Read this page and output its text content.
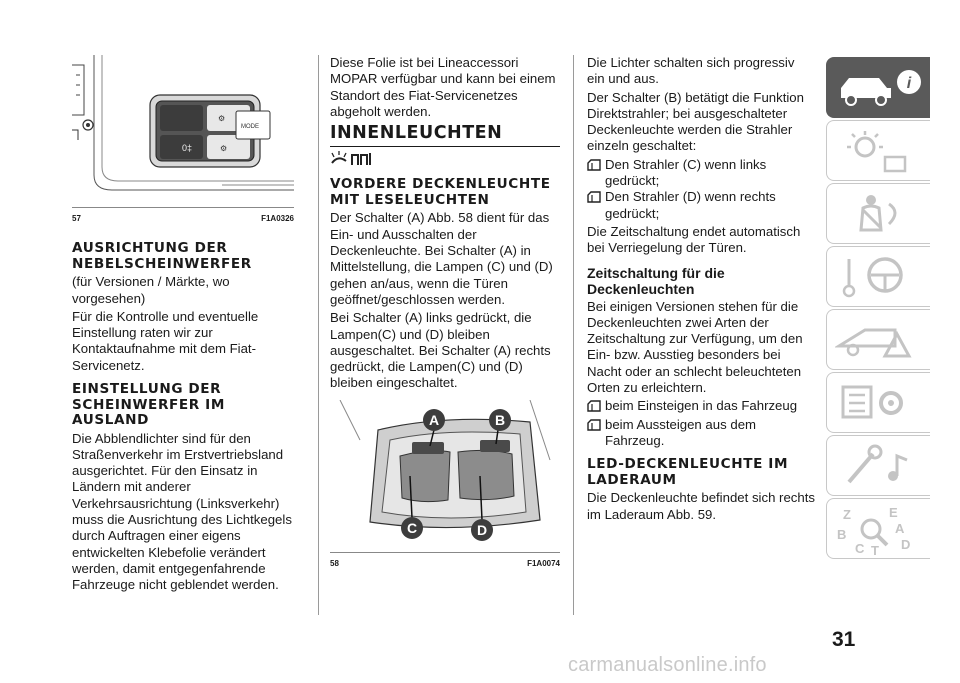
⚙
0‡	⚙
MODE
57	F1A0326
AUSRICHTUNG DER NEBELSCHEINWERFER

(für Versionen / Märkte, wo vorgesehen)

Für die Kontrolle und eventuelle Einstellung raten wir zur Kontaktaufnahme mit dem Fiat-Servicenetz.

EINSTELLUNG DER SCHEINWERFER IM AUSLAND

Die Abblendlichter sind für den Straßenverkehr im Erstvertriebsland ausgerichtet. Für den Einsatz in Ländern mit anderer Verkehrsausrichtung (Linksverkehr) muss die Ausrichtung des Lichtkegels durch Auftragen einer eigens entwickelten Klebefolie verändert werden, damit entgegenfahrende Fahrzeuge nicht geblendet werden.

Diese Folie ist bei Lineaccessori MOPAR verfügbar und kann bei einem Standort des Fiat-Servicenetzes abgeholt werden.

INNENLEUCHTEN
VORDERE DECKENLEUCHTE MIT LESELEUCHTEN

Der Schalter (A) Abb. 58 dient für das Ein- und Ausschalten der Deckenleuchte. Bei Schalter (A) in Mittelstellung, die Lampen (C) und (D) gehen an/aus, wenn die Türen geöffnet/geschlossen werden.

Bei Schalter (A) links gedrückt, die Lampen(C) und (D) bleiben ausgeschaltet. Bei Schalter (A) rechts gedrückt, die Lampen(C) und (D) bleiben eingeschaltet.

A	B
C	D
58	F1A0074

Die Lichter schalten sich progressiv ein und aus.

Der Schalter (B) betätigt die Funktion Direktstrahler; bei ausgeschalteter Deckenleuchte werden die Strahler einzeln geschaltet:

Den Strahler (C) wenn links gedrückt;
Den Strahler (D) wenn rechts gedrückt;

Die Zeitschaltung endet automatisch bei Verriegelung der Türen.

Zeitschaltung für die Deckenleuchten

Bei einigen Versionen stehen für die Deckenleuchten zwei Arten der Zeitschaltung zur Verfügung, um den Ein- bzw. Ausstieg besonders bei Nacht oder an schlecht beleuchteten Orten zu erleichtern.

beim Einsteigen in das Fahrzeug
beim Aussteigen aus dem Fahrzeug.
LED-DECKENLEUCHTE IM LADERAUM

Die Deckenleuchte befindet sich rechts im Laderaum Abb. 59.

i
Z	E
B	A
C T D
31
carmanualsonline.info
